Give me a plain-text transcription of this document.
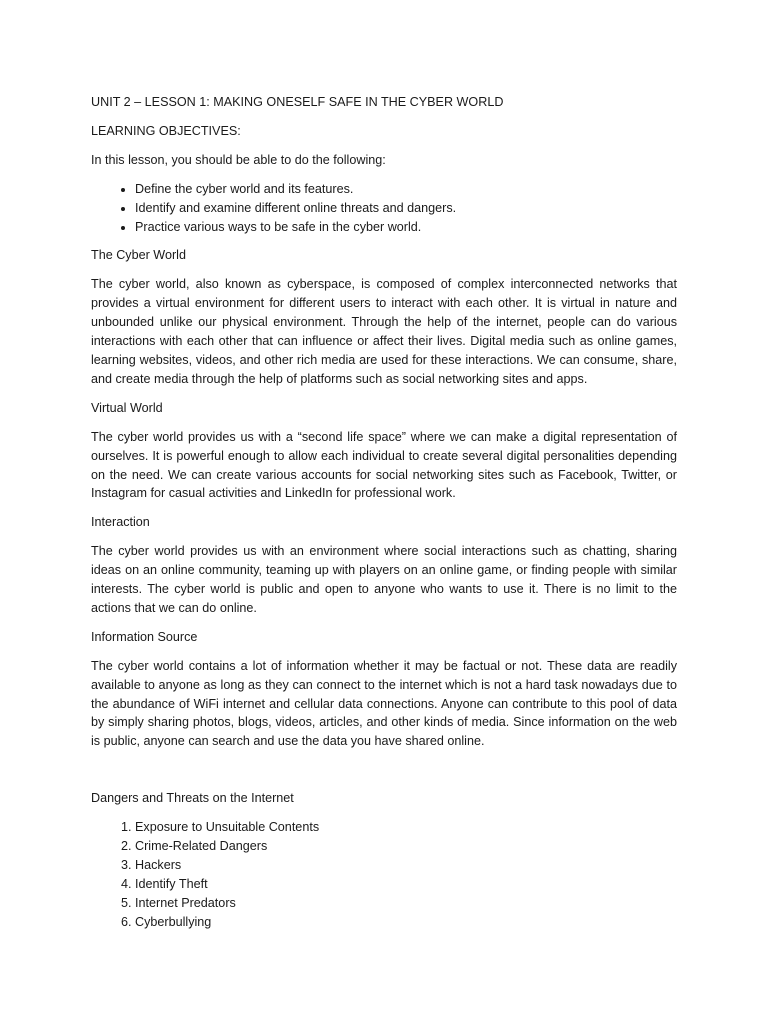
UNIT 2 – LESSON 1: MAKING ONESELF SAFE IN THE CYBER WORLD

LEARNING OBJECTIVES:

In this lesson, you should be able to do the following:

• Define the cyber world and its features.
• Identify and examine different online threats and dangers.
• Practice various ways to be safe in the cyber world.

The Cyber World

The cyber world, also known as cyberspace, is composed of complex interconnected networks that provides a virtual environment for different users to interact with each other. It is virtual in nature and unbounded unlike our physical environment. Through the help of the internet, people can do various interactions with each other that can influence or affect their lives. Digital media such as online games, learning websites, videos, and other rich media are used for these interactions. We can consume, share, and create media through the help of platforms such as social networking sites and apps.

Virtual World

The cyber world provides us with a “second life space” where we can make a digital representation of ourselves. It is powerful enough to allow each individual to create several digital personalities depending on the need. We can create various accounts for social networking sites such as Facebook, Twitter, or Instagram for casual activities and LinkedIn for professional work.

Interaction

The cyber world provides us with an environment where social interactions such as chatting, sharing ideas on an online community, teaming up with players on an online game, or finding people with similar interests. The cyber world is public and open to anyone who wants to use it. There is no limit to the actions that we can do online.

Information Source

The cyber world contains a lot of information whether it may be factual or not. These data are readily available to anyone as long as they can connect to the internet which is not a hard task nowadays due to the abundance of WiFi internet and cellular data connections. Anyone can contribute to this pool of data by simply sharing photos, blogs, videos, articles, and other kinds of media. Since information on the web is public, anyone can search and use the data you have shared online.

Dangers and Threats on the Internet

1. Exposure to Unsuitable Contents
2. Crime-Related Dangers
3. Hackers
4. Identify Theft
5. Internet Predators
6. Cyberbullying
